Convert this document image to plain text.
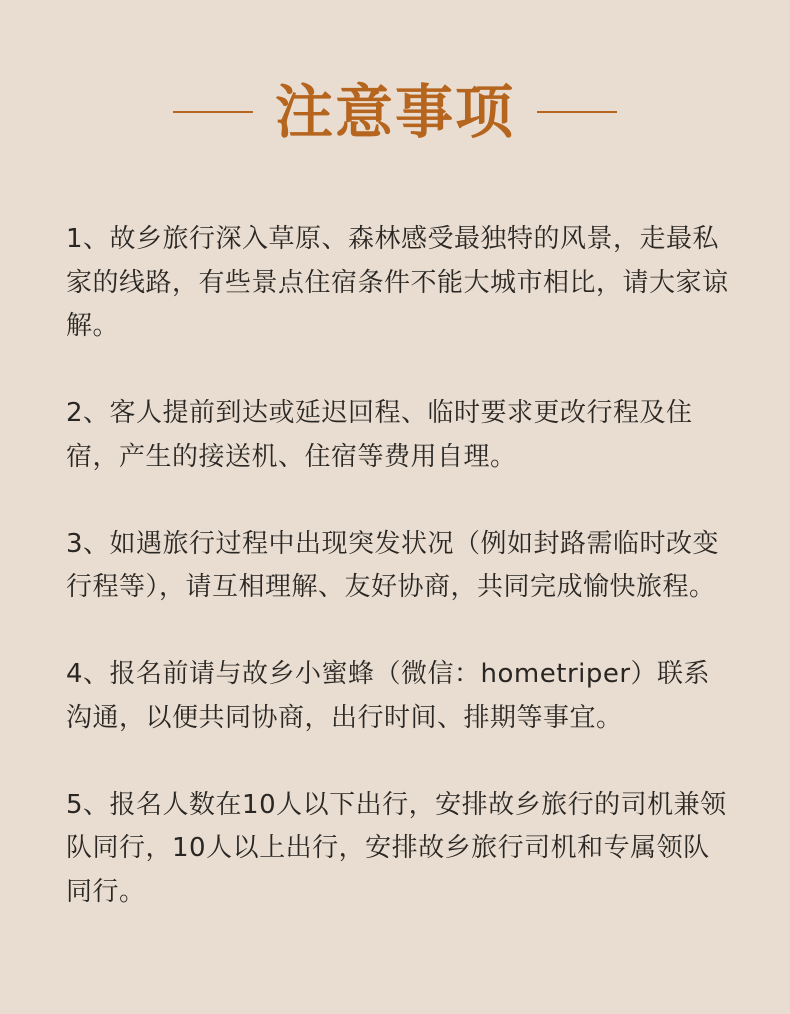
注意事项

1、故乡旅行深入草原、森林感受最独特的风景，走最私家的线路，有些景点住宿条件不能大城市相比，请大家谅解。

2、客人提前到达或延迟回程、临时要求更改行程及住宿，产生的接送机、住宿等费用自理。

3、如遇旅行过程中出现突发状况（例如封路需临时改变行程等），请互相理解、友好协商，共同完成愉快旅程。

4、报名前请与故乡小蜜蜂（微信：hometriper）联系沟通，以便共同协商，出行时间、排期等事宜。

5、报名人数在10人以下出行，安排故乡旅行的司机兼领队同行，10人以上出行，安排故乡旅行司机和专属领队同行。
